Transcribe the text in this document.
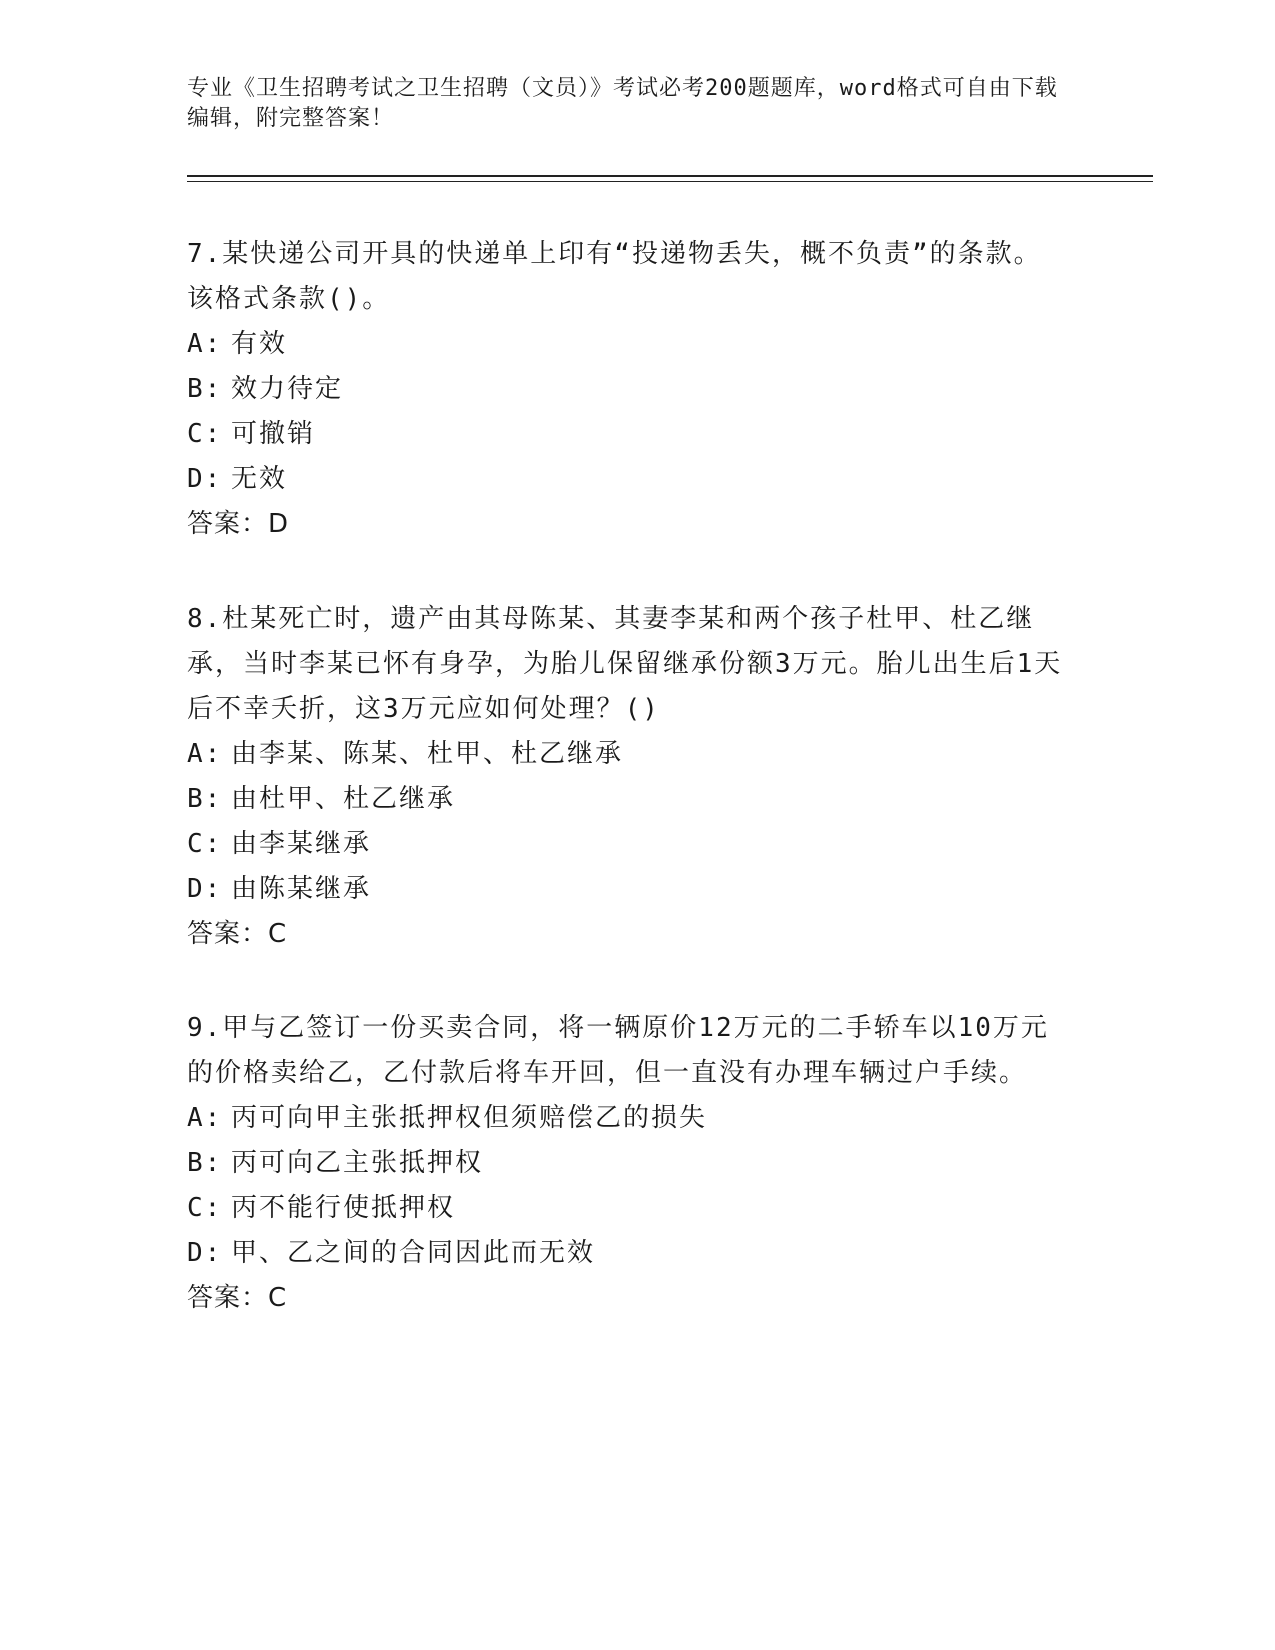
专业《卫生招聘考试之卫生招聘（文员）》考试必考200题题库，word格式可自由下载编辑，附完整答案！

7.某快递公司开具的快递单上印有“投递物丢失，概不负责”的条款。该格式条款()。

A: 有效

B: 效力待定

C: 可撤销

D: 无效

答案：D

8.杜某死亡时，遗产由其母陈某、其妻李某和两个孩子杜甲、杜乙继承，当时李某已怀有身孕，为胎儿保留继承份额3万元。胎儿出生后1天后不幸夭折，这3万元应如何处理？()

A: 由李某、陈某、杜甲、杜乙继承

B: 由杜甲、杜乙继承

C: 由李某继承

D: 由陈某继承

答案：C

9.甲与乙签订一份买卖合同，将一辆原价12万元的二手轿车以10万元的价格卖给乙，乙付款后将车开回，但一直没有办理车辆过户手续。

A: 丙可向甲主张抵押权但须赔偿乙的损失

B: 丙可向乙主张抵押权

C: 丙不能行使抵押权

D: 甲、乙之间的合同因此而无效

答案：C
